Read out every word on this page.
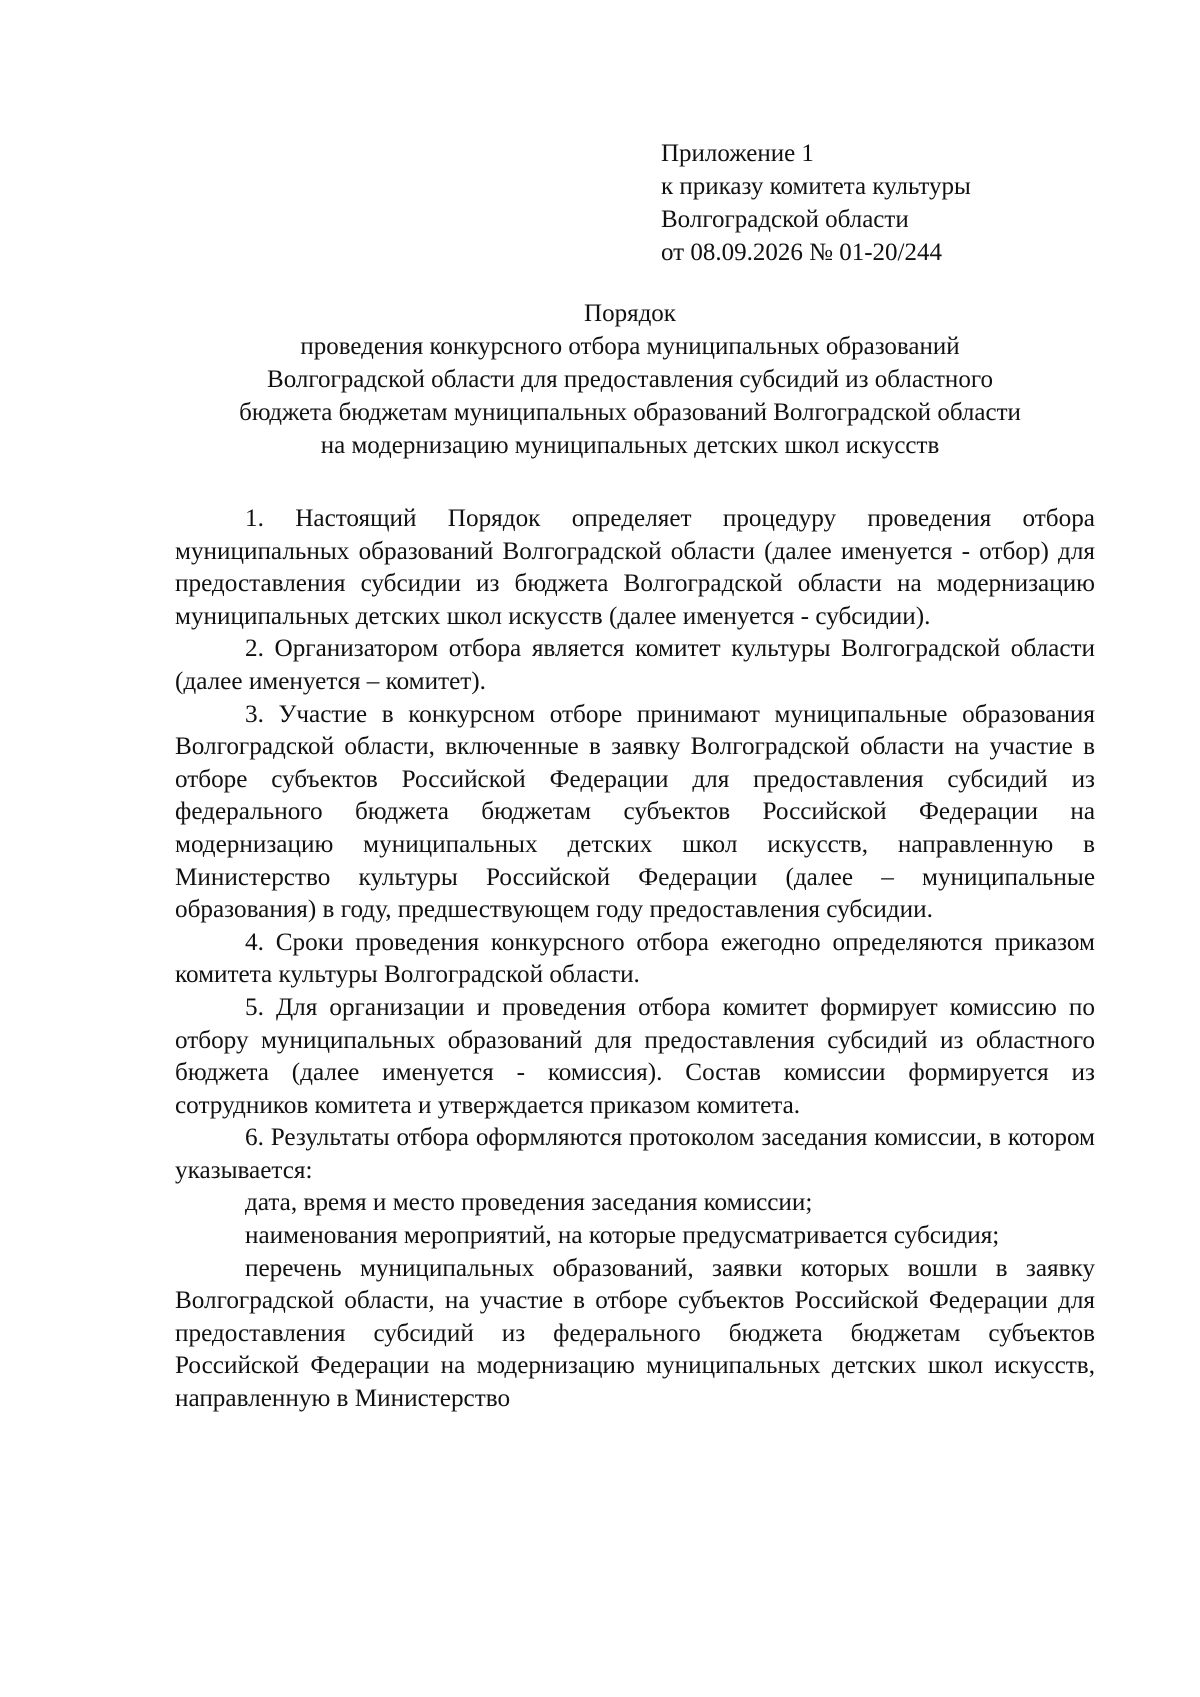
Приложение 1
к приказу комитета культуры
Волгоградской области
от 08.09.2026 № 01-20/244
Порядок
проведения конкурсного отбора муниципальных образований
Волгоградской области для предоставления субсидий из областного
бюджета бюджетам муниципальных образований Волгоградской области
на модернизацию муниципальных детских школ искусств

1. Настоящий Порядок определяет процедуру проведения отбора муниципальных образований Волгоградской области (далее именуется - отбор) для предоставления субсидии из бюджета Волгоградской области на модернизацию муниципальных детских школ искусств (далее именуется - субсидии).

2. Организатором отбора является комитет культуры Волгоградской области (далее именуется – комитет).

3. Участие в конкурсном отборе принимают муниципальные образования Волгоградской области, включенные в заявку Волгоградской области на участие в отборе субъектов Российской Федерации для предоставления субсидий из федерального бюджета бюджетам субъектов Российской Федерации на модернизацию муниципальных детских школ искусств, направленную в Министерство культуры Российской Федерации (далее – муниципальные образования) в году, предшествующем году предоставления субсидии.

4. Сроки проведения конкурсного отбора ежегодно определяются приказом комитета культуры Волгоградской области.

5. Для организации и проведения отбора комитет формирует комиссию по отбору муниципальных образований для предоставления субсидий из областного бюджета (далее именуется - комиссия). Состав комиссии формируется из сотрудников комитета и утверждается приказом комитета.

6. Результаты отбора оформляются протоколом заседания комиссии, в котором указывается:

дата, время и место проведения заседания комиссии;

наименования мероприятий, на которые предусматривается субсидия;

перечень муниципальных образований, заявки которых вошли в заявку Волгоградской области, на участие в отборе субъектов Российской Федерации для предоставления субсидий из федерального бюджета бюджетам субъектов Российской Федерации на модернизацию муниципальных детских школ искусств, направленную в Министерство
